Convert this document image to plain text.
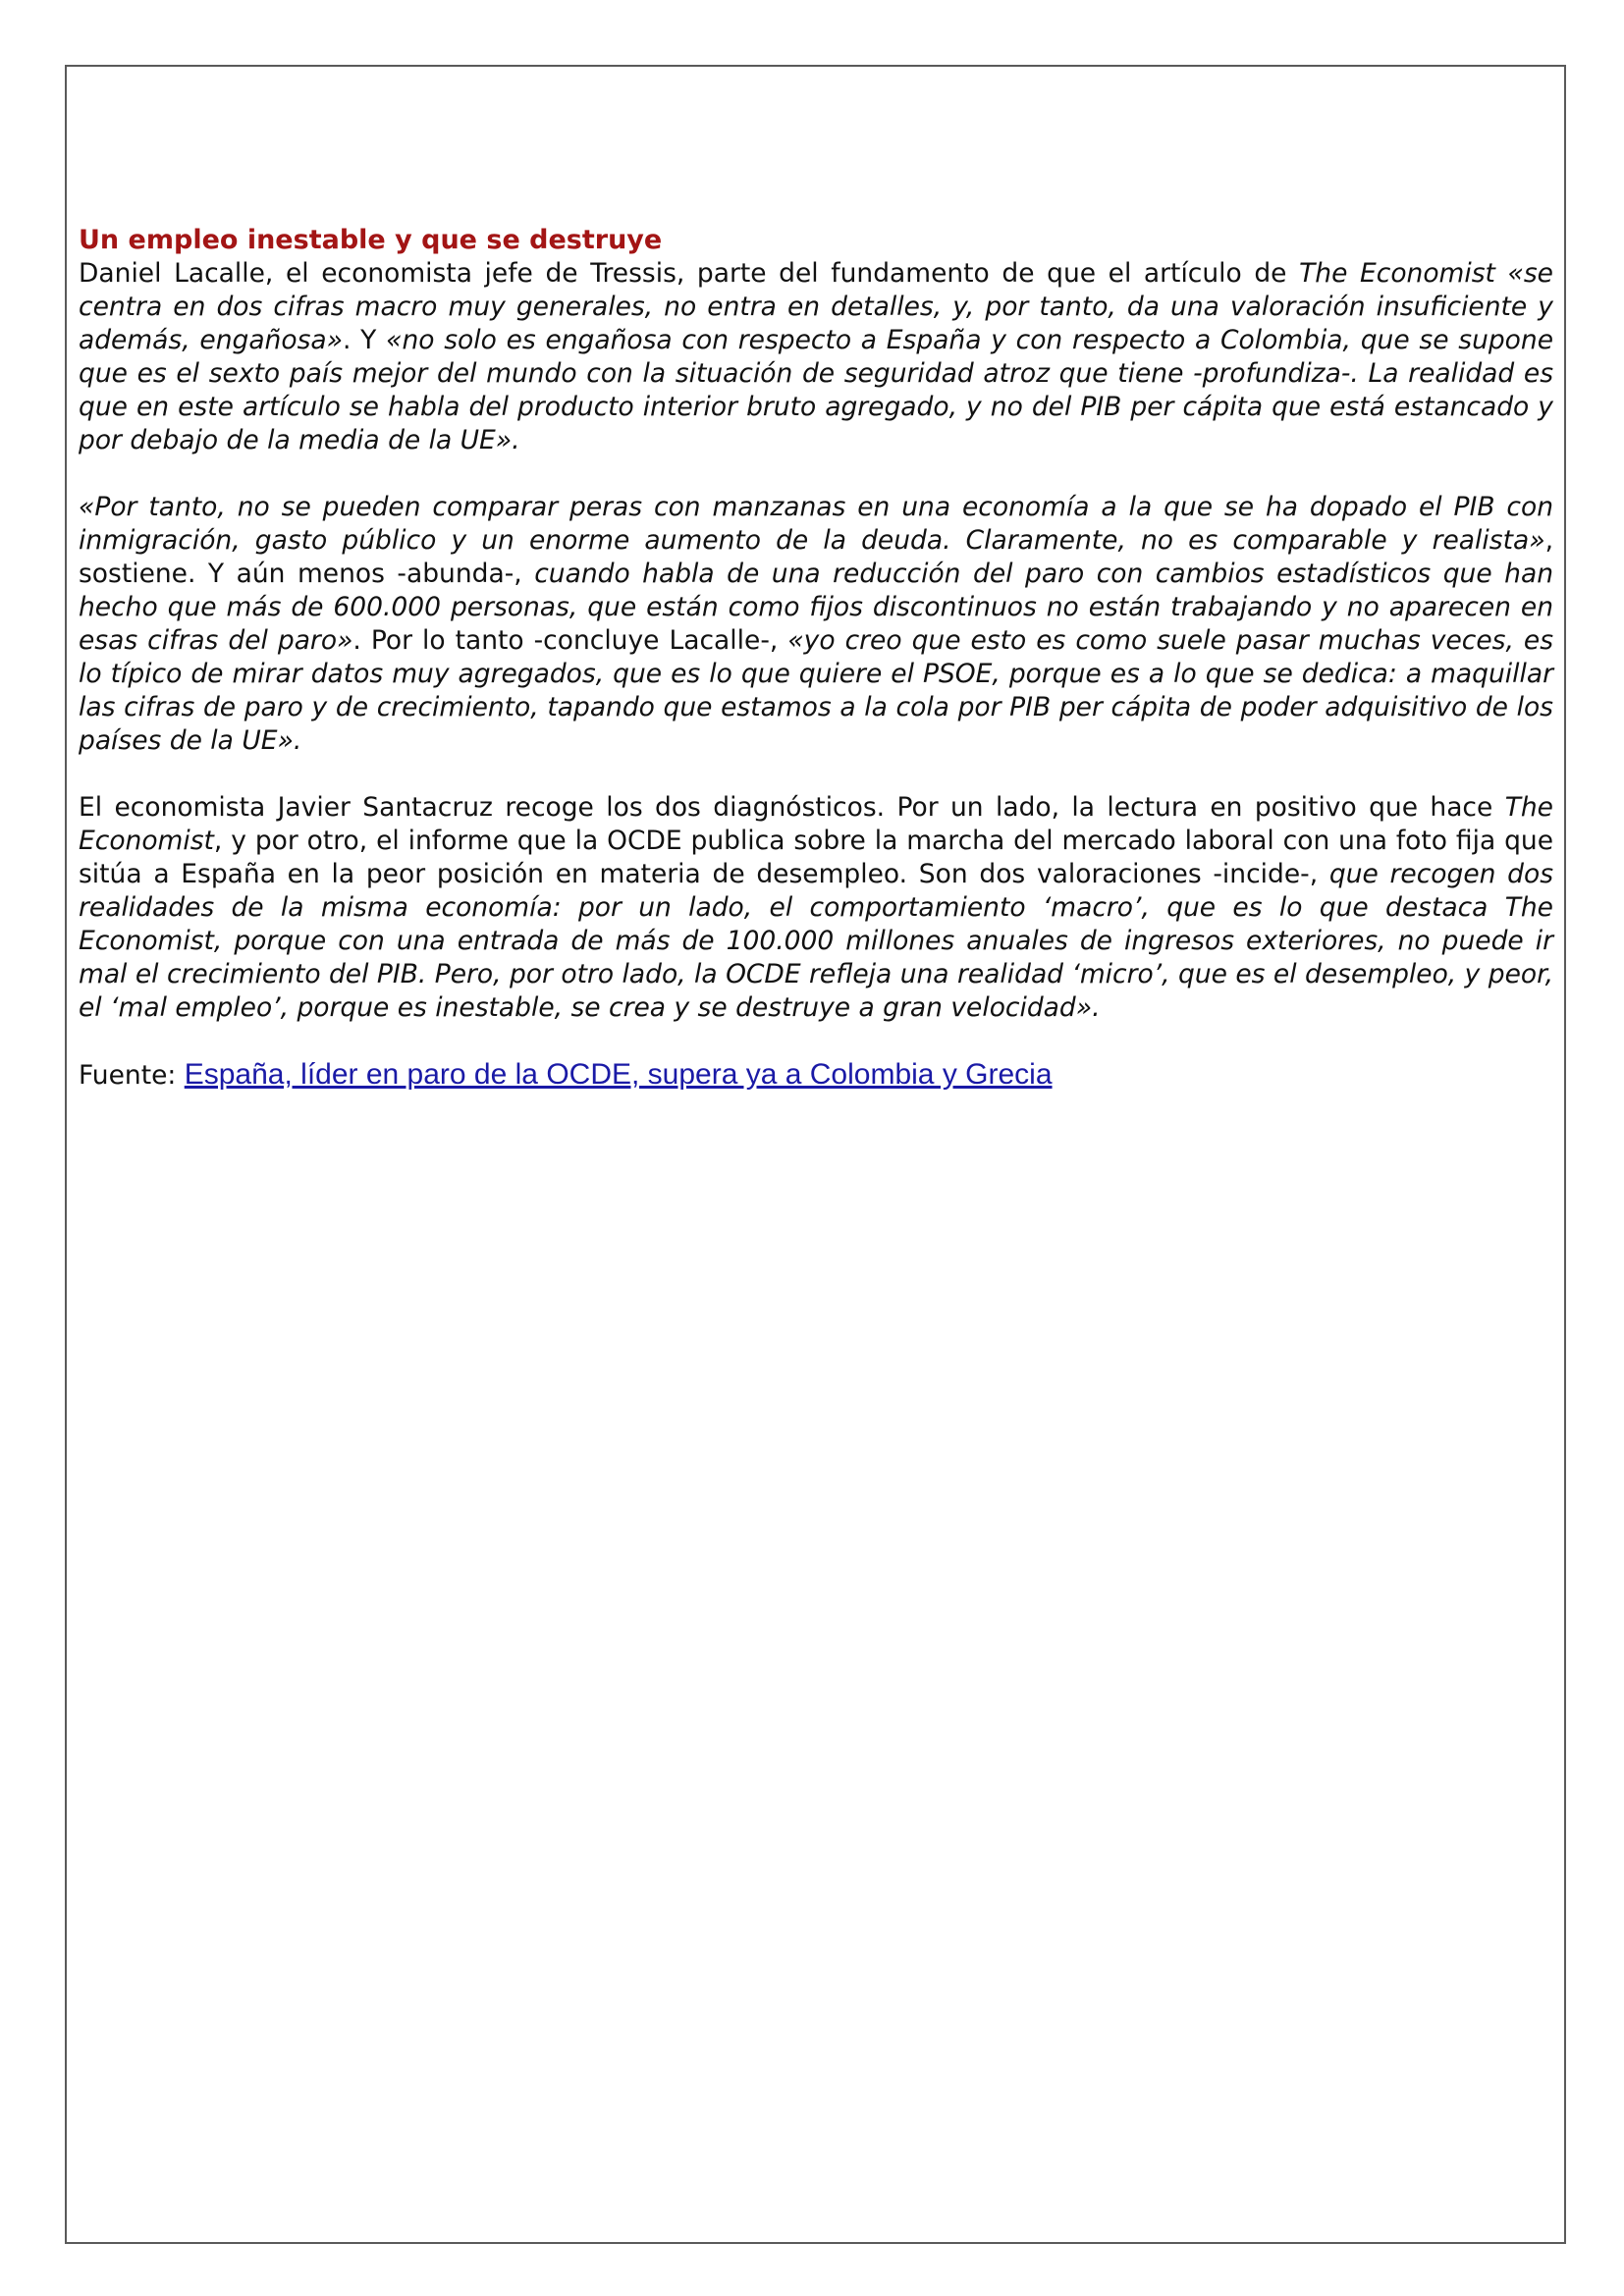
Un empleo inestable y que se destruye

Daniel Lacalle, el economista jefe de Tressis, parte del fundamento de que el artículo de The Economist «se centra en dos cifras macro muy generales, no entra en detalles, y, por tanto, da una valoración insuficiente y además, engañosa». Y «no solo es engañosa con respecto a España y con respecto a Colombia, que se supone que es el sexto país mejor del mundo con la situación de seguridad atroz que tiene -profundiza-. La realidad es que en este artículo se habla del producto interior bruto agregado, y no del PIB per cápita que está estancado y por debajo de la media de la UE».

«Por tanto, no se pueden comparar peras con manzanas en una economía a la que se ha dopado el PIB con inmigración, gasto público y un enorme aumento de la deuda. Claramente, no es comparable y realista», sostiene. Y aún menos -abunda-, cuando habla de una reducción del paro con cambios estadísticos que han hecho que más de 600.000 personas, que están como fijos discontinuos no están trabajando y no aparecen en esas cifras del paro». Por lo tanto -concluye Lacalle-, «yo creo que esto es como suele pasar muchas veces, es lo típico de mirar datos muy agregados, que es lo que quiere el PSOE, porque es a lo que se dedica: a maquillar las cifras de paro y de crecimiento, tapando que estamos a la cola por PIB per cápita de poder adquisitivo de los países de la UE».

El economista Javier Santacruz recoge los dos diagnósticos. Por un lado, la lectura en positivo que hace The Economist, y por otro, el informe que la OCDE publica sobre la marcha del mercado laboral con una foto fija que sitúa a España en la peor posición en materia de desempleo. Son dos valoraciones -incide-, que recogen dos realidades de la misma economía: por un lado, el comportamiento ‘macro’, que es lo que destaca The Economist, porque con una entrada de más de 100.000 millones anuales de ingresos exteriores, no puede ir mal el crecimiento del PIB. Pero, por otro lado, la OCDE refleja una realidad ‘micro’, que es el desempleo, y peor, el ‘mal empleo’, porque es inestable, se crea y se destruye a gran velocidad».

Fuente: España, líder en paro de la OCDE, supera ya a Colombia y Grecia
